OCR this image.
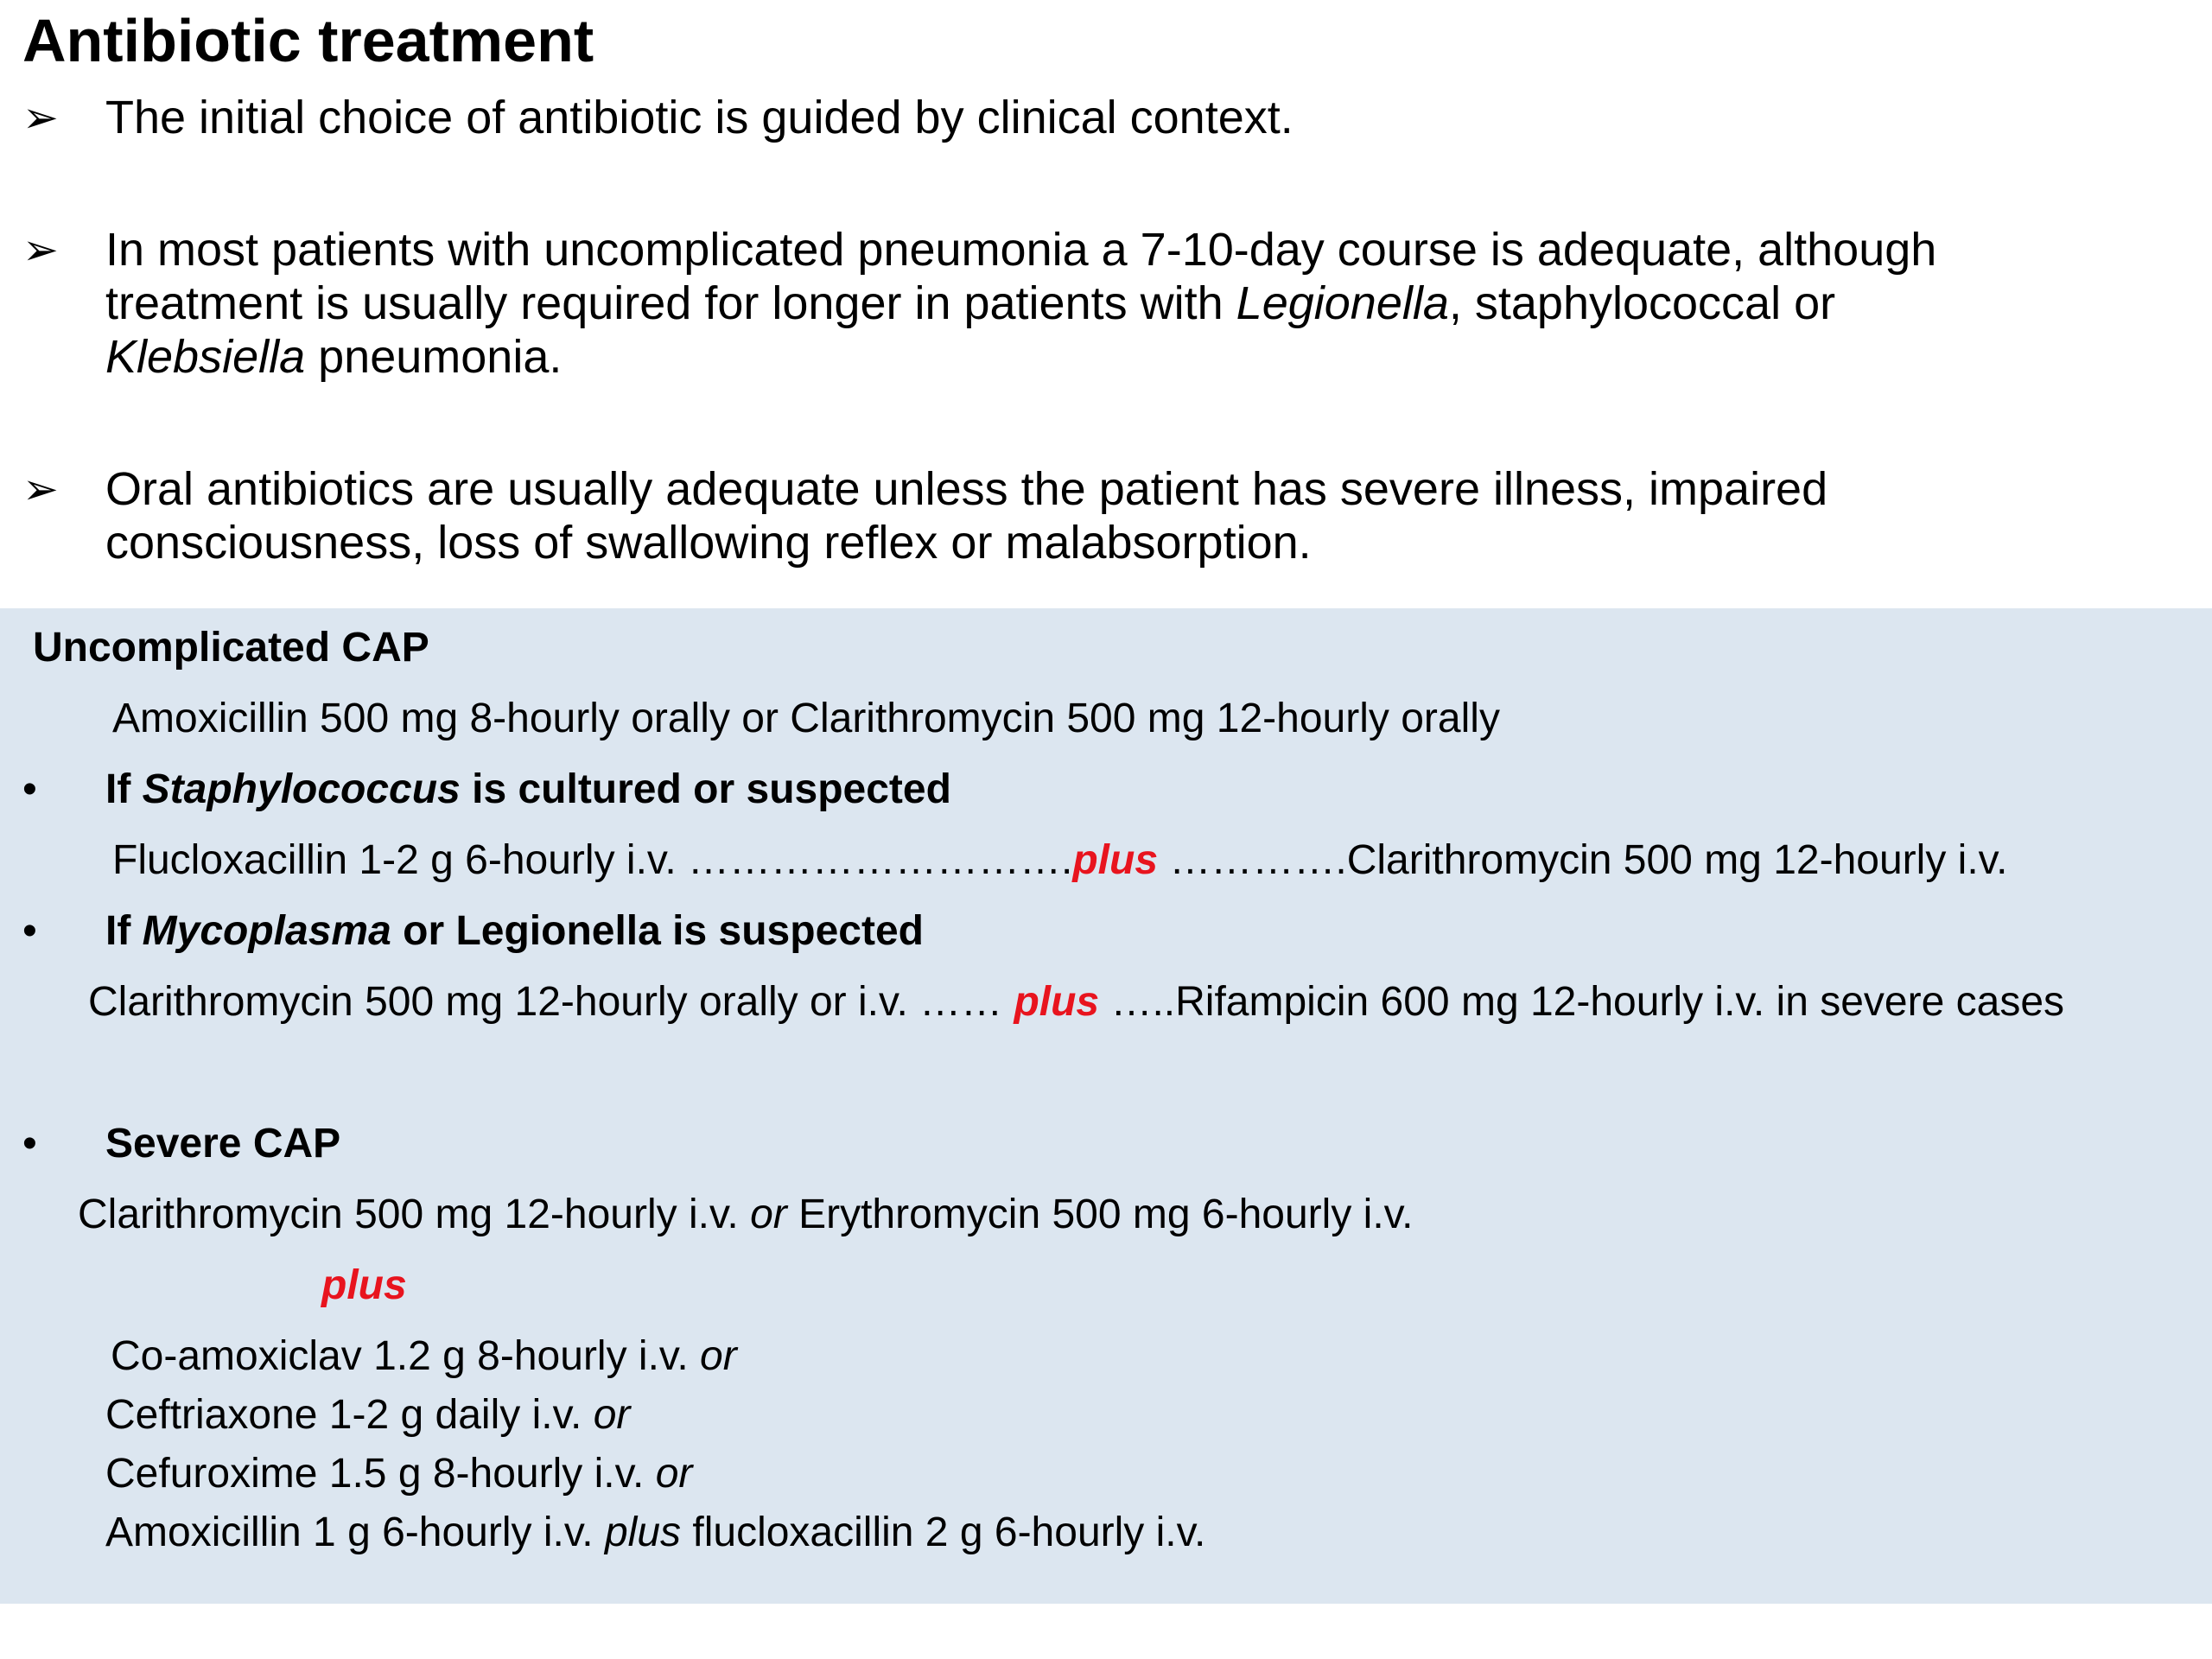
Antibiotic treatment
➢ The initial choice of antibiotic is guided by clinical context.
➢ In most patients with uncomplicated pneumonia a 7-10-day course is adequate, although
treatment is usually required for longer in patients with Legionella, staphylococcal or
Klebsiella pneumonia.
➢ Oral antibiotics are usually adequate unless the patient has severe illness, impaired
consciousness, loss of swallowing reflex or malabsorption.
Uncomplicated CAP
Amoxicillin 500 mg 8-hourly orally or Clarithromycin 500 mg 12-hourly orally
• If Staphylococcus is cultured or suspected
Flucloxacillin 1-2 g 6-hourly i.v. ……………………….plus ………….Clarithromycin 500 mg 12-hourly i.v.
• If Mycoplasma or Legionella is suspected
Clarithromycin 500 mg 12-hourly orally or i.v. …… plus …..Rifampicin 600 mg 12-hourly i.v. in severe cases
• Severe CAP
Clarithromycin 500 mg 12-hourly i.v. or Erythromycin 500 mg 6-hourly i.v.
plus
Co-amoxiclav 1.2 g 8-hourly i.v. or
Ceftriaxone 1-2 g daily i.v. or
Cefuroxime 1.5 g 8-hourly i.v. or
Amoxicillin 1 g 6-hourly i.v. plus flucloxacillin 2 g 6-hourly i.v.
